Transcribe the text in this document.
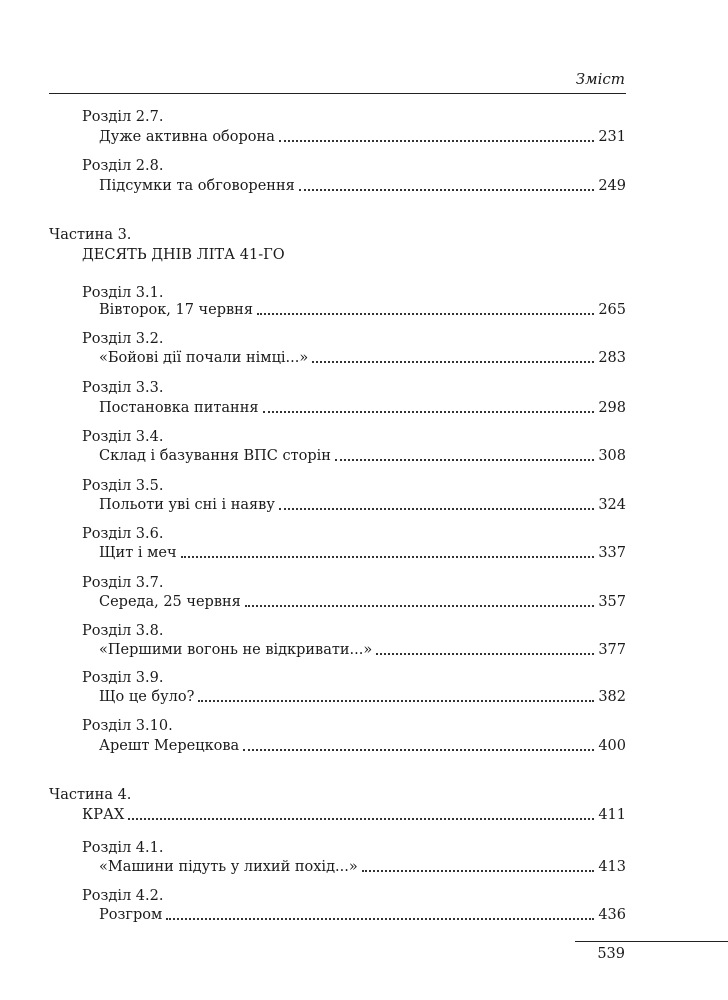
Зміст
Розділ 2.7.
Дуже активна оборона	231
Розділ 2.8.
Підсумки та обговорення	249
Частина 3.
ДЕСЯТЬ ДНІВ ЛІТА 41-ГО
Розділ 3.1.
Вівторок, 17 червня	265
Розділ 3.2.
«Бойові дії почали німці...»	283
Розділ 3.3.
Постановка питання	298
Розділ 3.4.
Склад і базування ВПС сторін	308
Розділ 3.5.
Польоти уві сні і наяву	324
Розділ 3.6.
Щит і меч	337
Розділ 3.7.
Середа, 25 червня	357
Розділ 3.8.
«Першими вогонь не відкривати...»	377
Розділ 3.9.
Що це було?	382
Розділ 3.10.
Арешт Мерецкова	400
Частина 4.
КРАХ	411
Розділ 4.1.
«Машини підуть у лихий похід...»	413
Розділ 4.2.
Розгром	436
539
